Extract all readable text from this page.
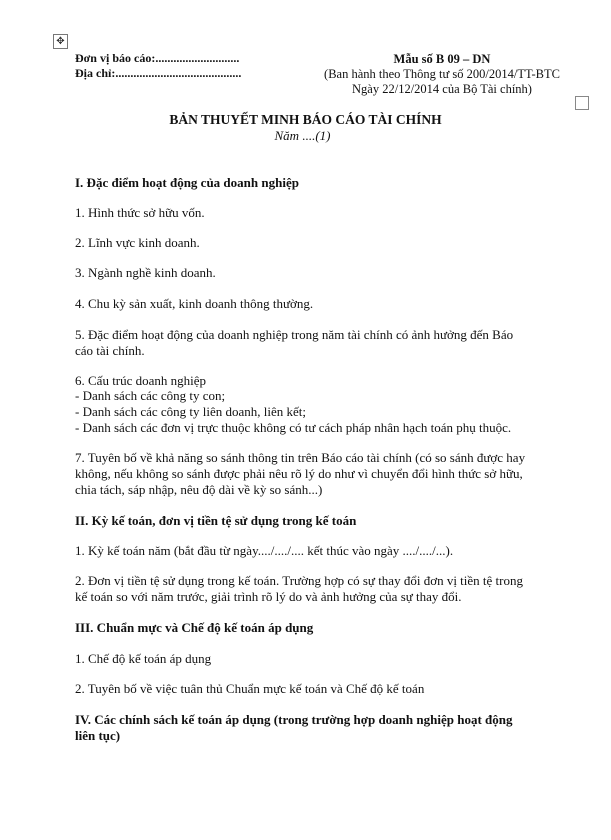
✥
Đơn vị báo cáo:............................
Địa chỉ:..........................................
Mẫu số B 09 – DN
(Ban hành theo Thông tư số 200/2014/TT-BTC
Ngày 22/12/2014 của Bộ Tài chính)
BẢN THUYẾT MINH BÁO CÁO TÀI CHÍNH
Năm ....(1)
I. Đặc điểm hoạt động của doanh nghiệp
1. Hình thức sở hữu vốn.
2. Lĩnh vực kinh doanh.
3. Ngành nghề kinh doanh.
4. Chu kỳ sản xuất, kinh doanh thông thường.
5. Đặc điểm hoạt động của doanh nghiệp trong năm tài chính có ảnh hưởng đến Báo
cáo tài chính.
6. Cấu trúc doanh nghiệp
- Danh sách các công ty con;
- Danh sách các công ty liên doanh, liên kết;
- Danh sách các đơn vị trực thuộc không có tư cách pháp nhân hạch toán phụ thuộc.
7. Tuyên bố về khả năng so sánh thông tin trên Báo cáo tài chính (có so sánh được hay
không, nếu không so sánh được phải nêu rõ lý do như vì chuyển đổi hình thức sở hữu,
chia tách, sáp nhập, nêu độ dài về kỳ so sánh...)
II. Kỳ kế toán, đơn vị tiền tệ sử dụng trong kế toán
1. Kỳ kế toán năm (bắt đầu từ ngày..../..../.... kết thúc vào ngày ..../..../...).
2. Đơn vị tiền tệ sử dụng trong kế toán. Trường hợp có sự thay đổi đơn vị tiền tệ trong
kế toán so với năm trước, giải trình rõ lý do và ảnh hưởng của sự thay đổi.
III. Chuẩn mực và Chế độ kế toán áp dụng
1. Chế độ kế toán áp dụng
2. Tuyên bố về việc tuân thủ Chuẩn mực kế toán và Chế độ kế toán
IV. Các chính sách kế toán áp dụng (trong trường hợp doanh nghiệp hoạt động
liên tục)
